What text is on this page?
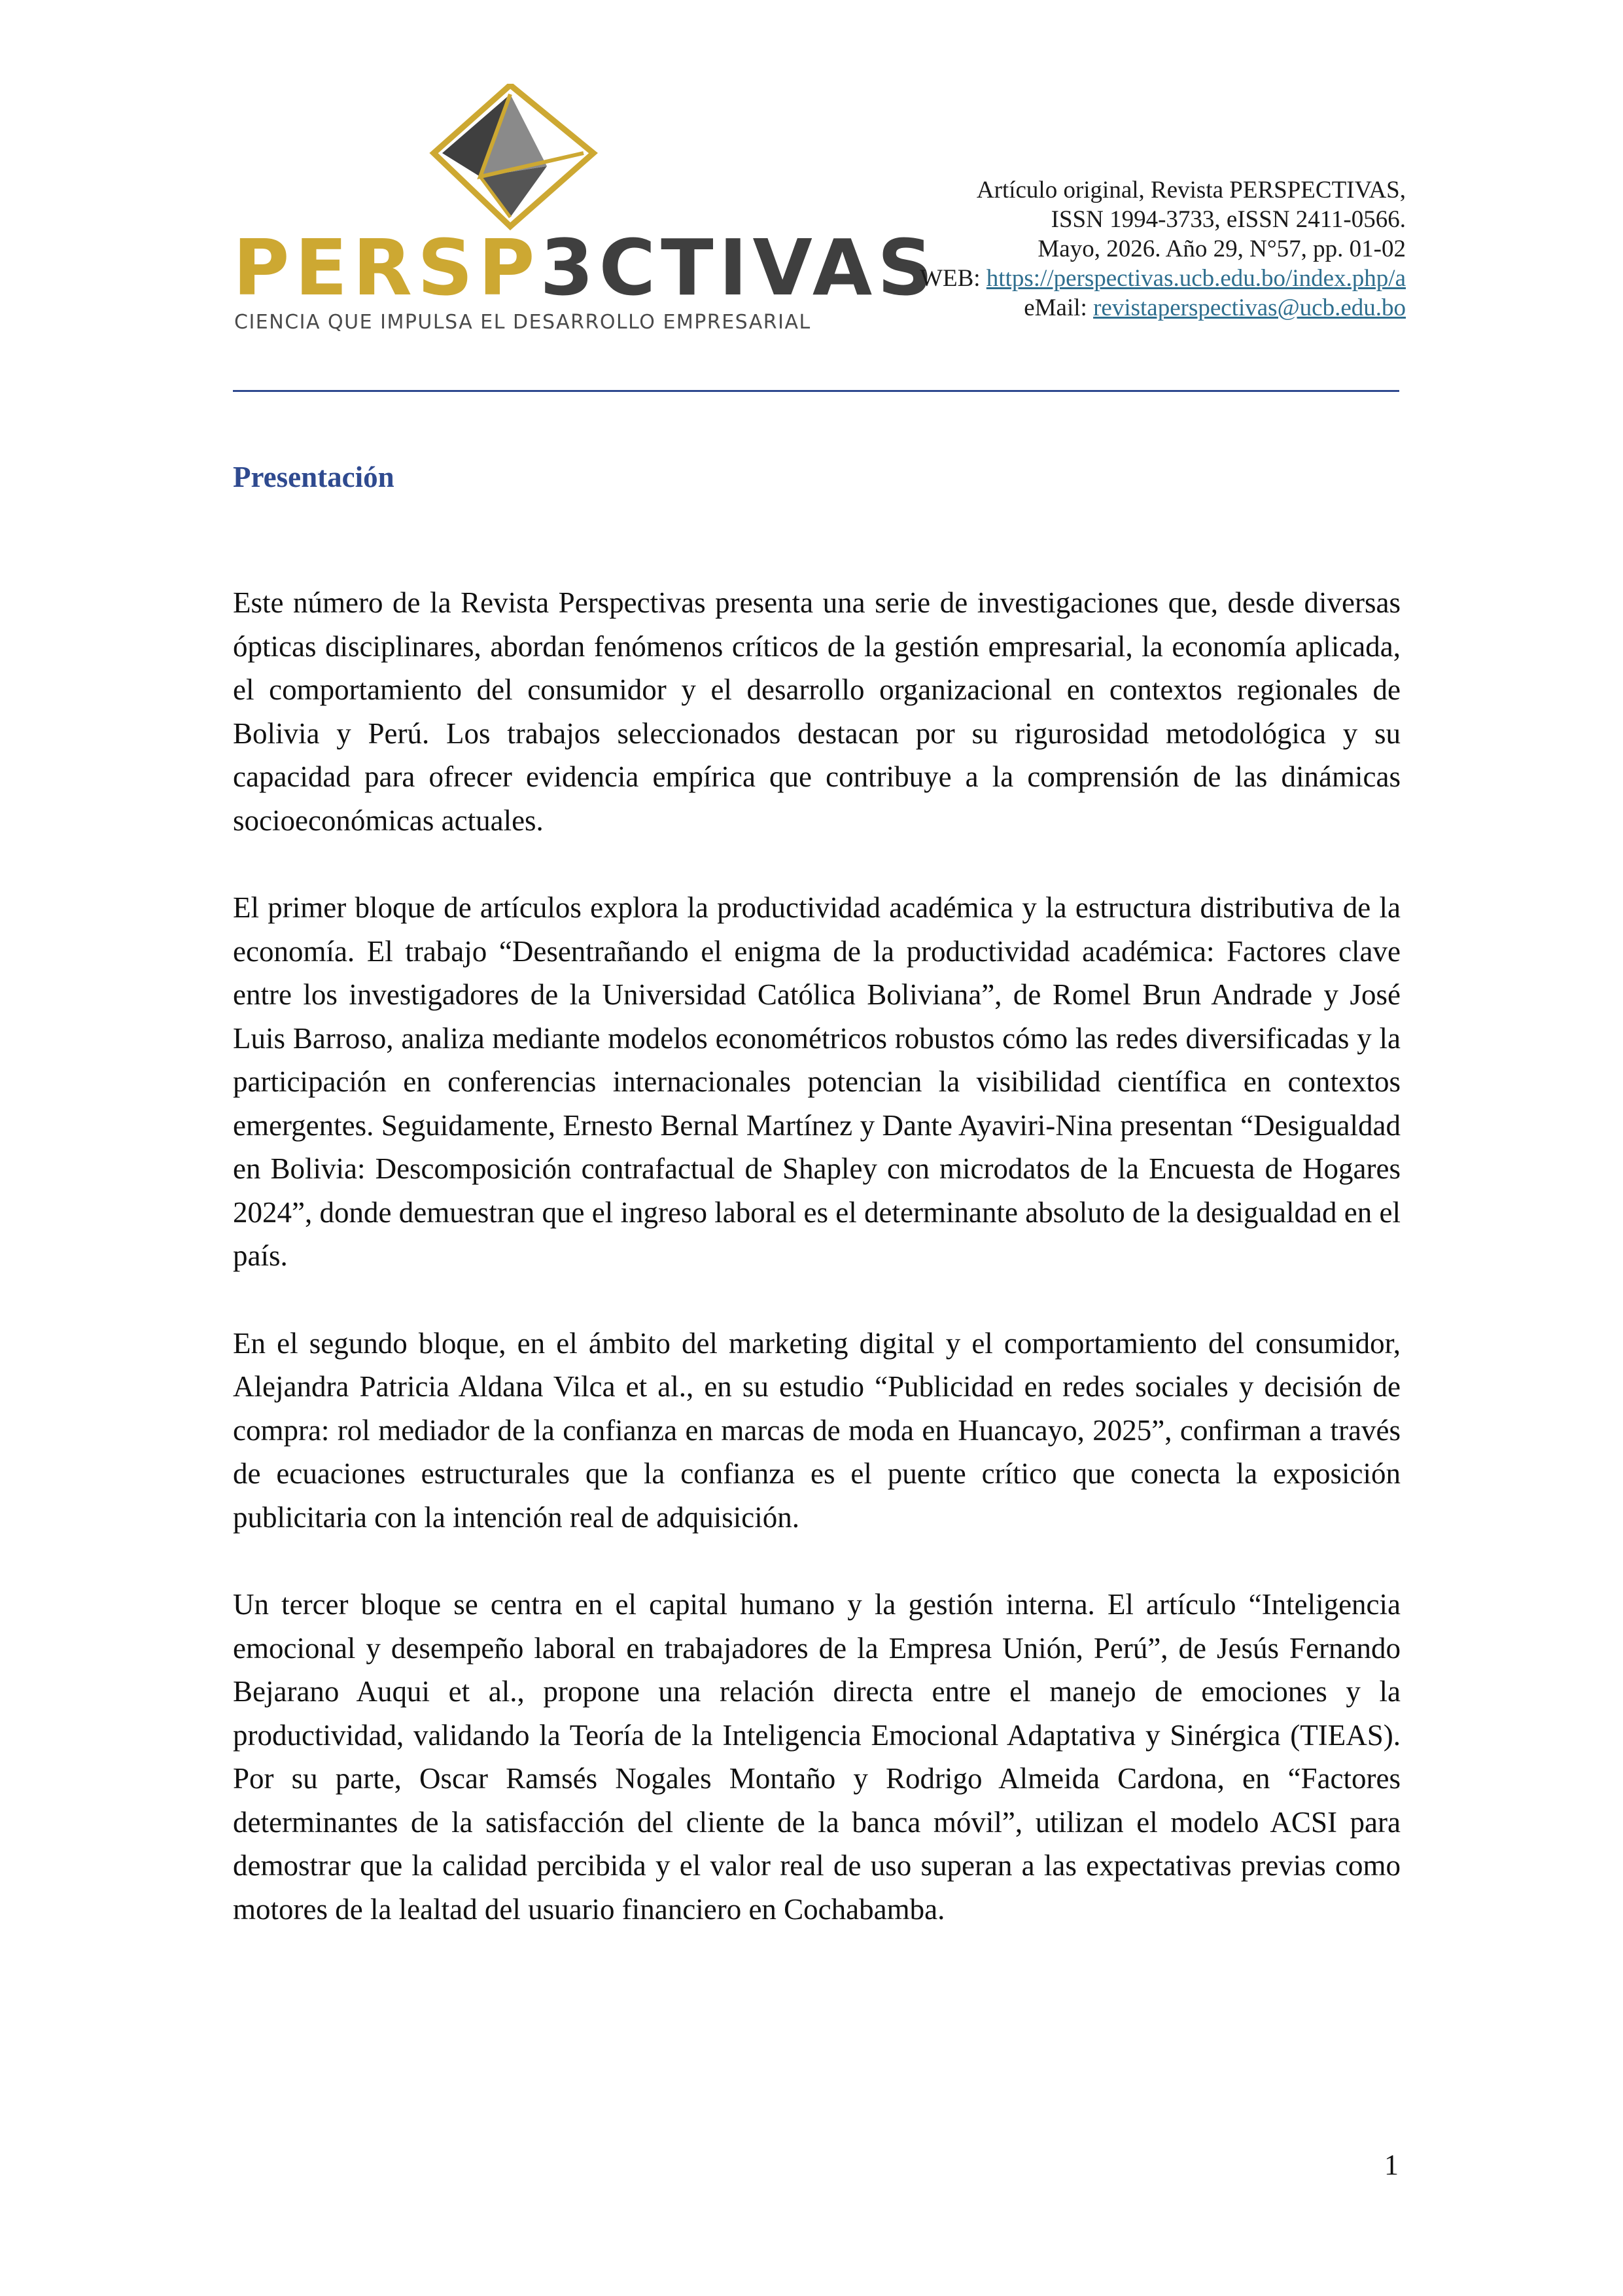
PERSP3CTIVAS
CIENCIA QUE IMPULSA EL DESARROLLO EMPRESARIAL
Artículo original, Revista PERSPECTIVAS,
ISSN 1994-3733, eISSN 2411-0566.
Mayo, 2026. Año 29, N°57, pp. 01-02
WEB: https://perspectivas.ucb.edu.bo/index.php/a
eMail: revistaperspectivas@ucb.edu.bo
Presentación

Este número de la Revista Perspectivas presenta una serie de investigaciones que, desde diversas ópticas disciplinares, abordan fenómenos críticos de la gestión empresarial, la economía aplicada, el comportamiento del consumidor y el desarrollo organizacional en contextos regionales de Bolivia y Perú. Los trabajos seleccionados destacan por su rigurosidad metodológica y su capacidad para ofrecer evidencia empírica que contribuye a la comprensión de las dinámicas socioeconómicas actuales.

El primer bloque de artículos explora la productividad académica y la estructura distributiva de la economía. El trabajo “Desentrañando el enigma de la productividad académica: Factores clave entre los investigadores de la Universidad Católica Boliviana”, de Romel Brun Andrade y José Luis Barroso, analiza mediante modelos econométricos robustos cómo las redes diversificadas y la participación en conferencias internacionales potencian la visibilidad científica en contextos emergentes. Seguidamente, Ernesto Bernal Martínez y Dante Ayaviri-Nina presentan “Desigualdad en Bolivia: Descomposición contrafactual de Shapley con microdatos de la Encuesta de Hogares 2024”, donde demuestran que el ingreso laboral es el determinante absoluto de la desigualdad en el país.

En el segundo bloque, en el ámbito del marketing digital y el comportamiento del consumidor, Alejandra Patricia Aldana Vilca et al., en su estudio “Publicidad en redes sociales y decisión de compra: rol mediador de la confianza en marcas de moda en Huancayo, 2025”, confirman a través de ecuaciones estructurales que la confianza es el puente crítico que conecta la exposición publicitaria con la intención real de adquisición.

Un tercer bloque se centra en el capital humano y la gestión interna. El artículo “Inteligencia emocional y desempeño laboral en trabajadores de la Empresa Unión, Perú”, de Jesús Fernando Bejarano Auqui et al., propone una relación directa entre el manejo de emociones y la productividad, validando la Teoría de la Inteligencia Emocional Adaptativa y Sinérgica (TIEAS). Por su parte, Oscar Ramsés Nogales Montaño y Rodrigo Almeida Cardona, en “Factores determinantes de la satisfacción del cliente de la banca móvil”, utilizan el modelo ACSI para demostrar que la calidad percibida y el valor real de uso superan a las expectativas previas como motores de la lealtad del usuario financiero en Cochabamba.

1
